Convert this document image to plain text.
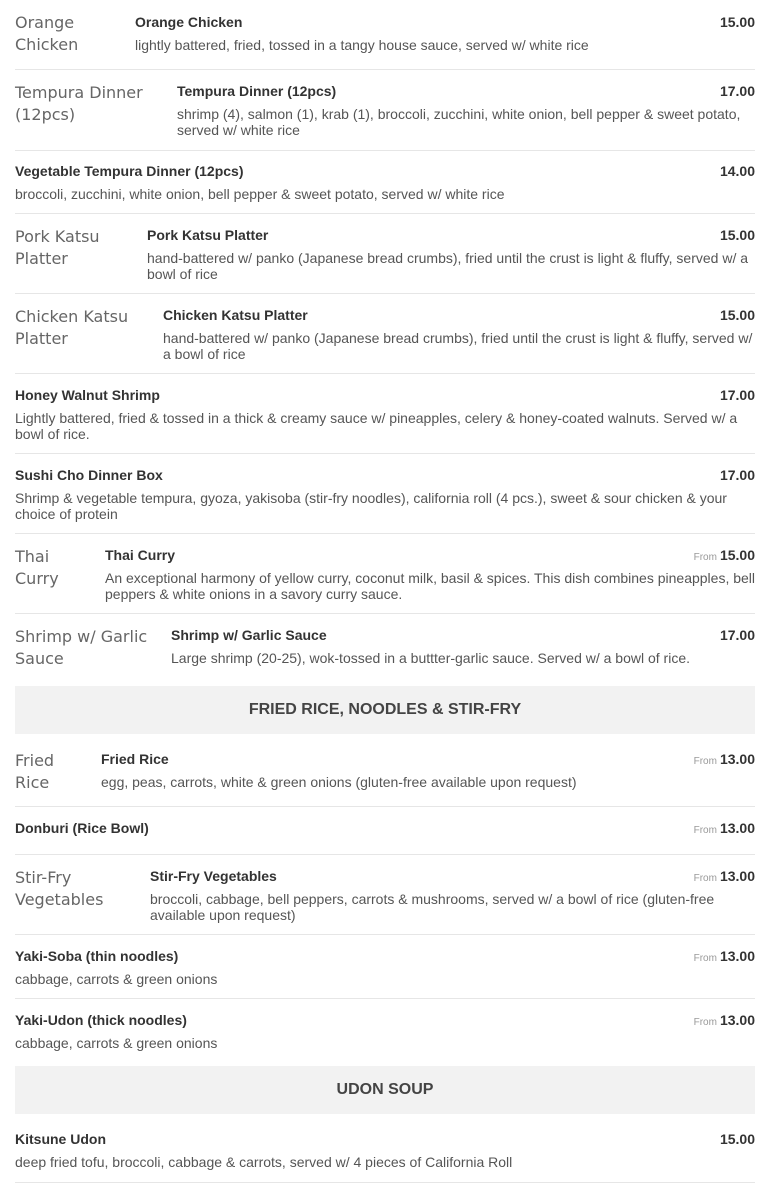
Orange Chicken
Orange Chicken	15.00
lightly battered, fried, tossed in a tangy house sauce, served w/ white rice
Tempura Dinner (12pcs)
Tempura Dinner (12pcs)	17.00
shrimp (4), salmon (1), krab (1), broccoli, zucchini, white onion, bell pepper & sweet potato, served w/ white rice
Vegetable Tempura Dinner (12pcs)	14.00
broccoli, zucchini, white onion, bell pepper & sweet potato, served w/ white rice
Pork Katsu Platter
Pork Katsu Platter	15.00
hand-battered w/ panko (Japanese bread crumbs), fried until the crust is light & fluffy, served w/ a bowl of rice
Chicken Katsu Platter
Chicken Katsu Platter	15.00
hand-battered w/ panko (Japanese bread crumbs), fried until the crust is light & fluffy, served w/ a bowl of rice
Honey Walnut Shrimp	17.00
Lightly battered, fried & tossed in a thick & creamy sauce w/ pineapples, celery & honey-coated walnuts. Served w/ a bowl of rice.
Sushi Cho Dinner Box	17.00
Shrimp & vegetable tempura, gyoza, yakisoba (stir-fry noodles), california roll (4 pcs.), sweet & sour chicken & your choice of protein
Thai Curry
Thai Curry	From 15.00
An exceptional harmony of yellow curry, coconut milk, basil & spices. This dish combines pineapples, bell peppers & white onions in a savory curry sauce.
Shrimp w/ Garlic Sauce
Shrimp w/ Garlic Sauce	17.00
Large shrimp (20-25), wok-tossed in a buttter-garlic sauce. Served w/ a bowl of rice.
FRIED RICE, NOODLES & STIR-FRY
Fried Rice
Fried Rice	From 13.00
egg, peas, carrots, white & green onions (gluten-free available upon request)
Donburi (Rice Bowl)	From 13.00
Stir-Fry Vegetables
Stir-Fry Vegetables	From 13.00
broccoli, cabbage, bell peppers, carrots & mushrooms, served w/ a bowl of rice (gluten-free available upon request)
Yaki-Soba (thin noodles)	From 13.00
cabbage, carrots & green onions
Yaki-Udon (thick noodles)	From 13.00
cabbage, carrots & green onions
UDON SOUP
Kitsune Udon	15.00
deep fried tofu, broccoli, cabbage & carrots, served w/ 4 pieces of California Roll
